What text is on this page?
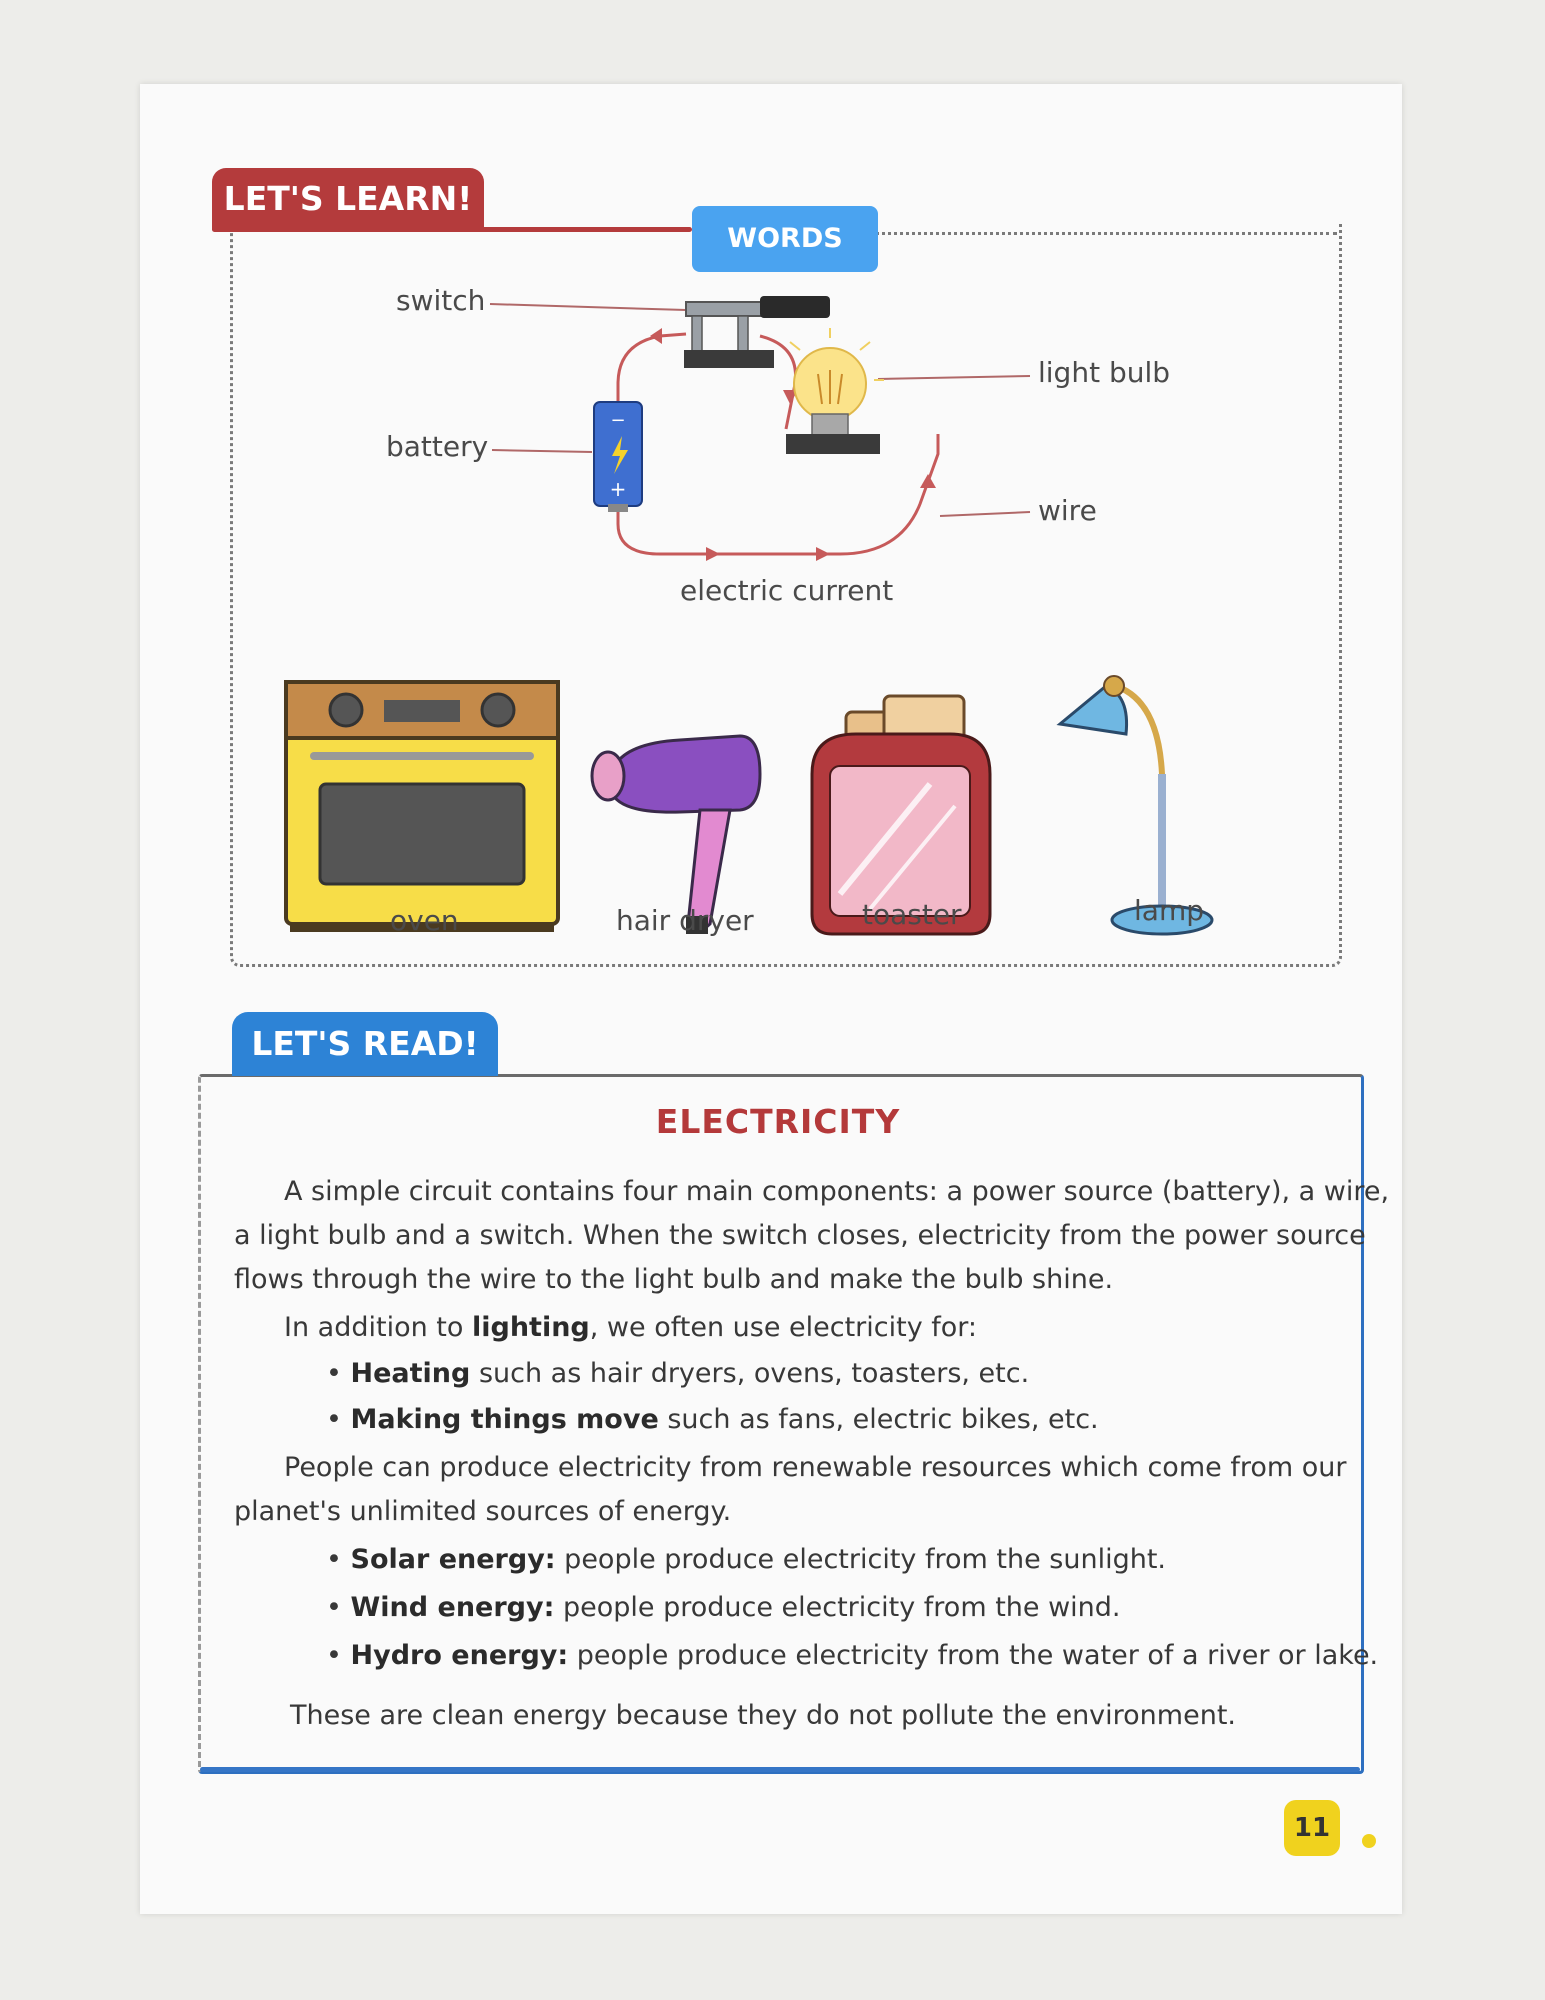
LET'S LEARN!
WORDS
−
+
switch
battery
light bulb
wire
electric current
oven	hair dryer	toaster	lamp
LET'S READ!
ELECTRICITY
A simple circuit contains four main components: a power source (battery), a wire,
a light bulb and a switch. When the switch closes, electricity from the power source
flows through the wire to the light bulb and make the bulb shine.
In addition to lighting, we often use electricity for:
• Heating such as hair dryers, ovens, toasters, etc.
• Making things move such as fans, electric bikes, etc.
People can produce electricity from renewable resources which come from our
planet's unlimited sources of energy.
• Solar energy: people produce electricity from the sunlight.
• Wind energy: people produce electricity from the wind.
• Hydro energy: people produce electricity from the water of a river or lake.
These are clean energy because they do not pollute the environment.
11
